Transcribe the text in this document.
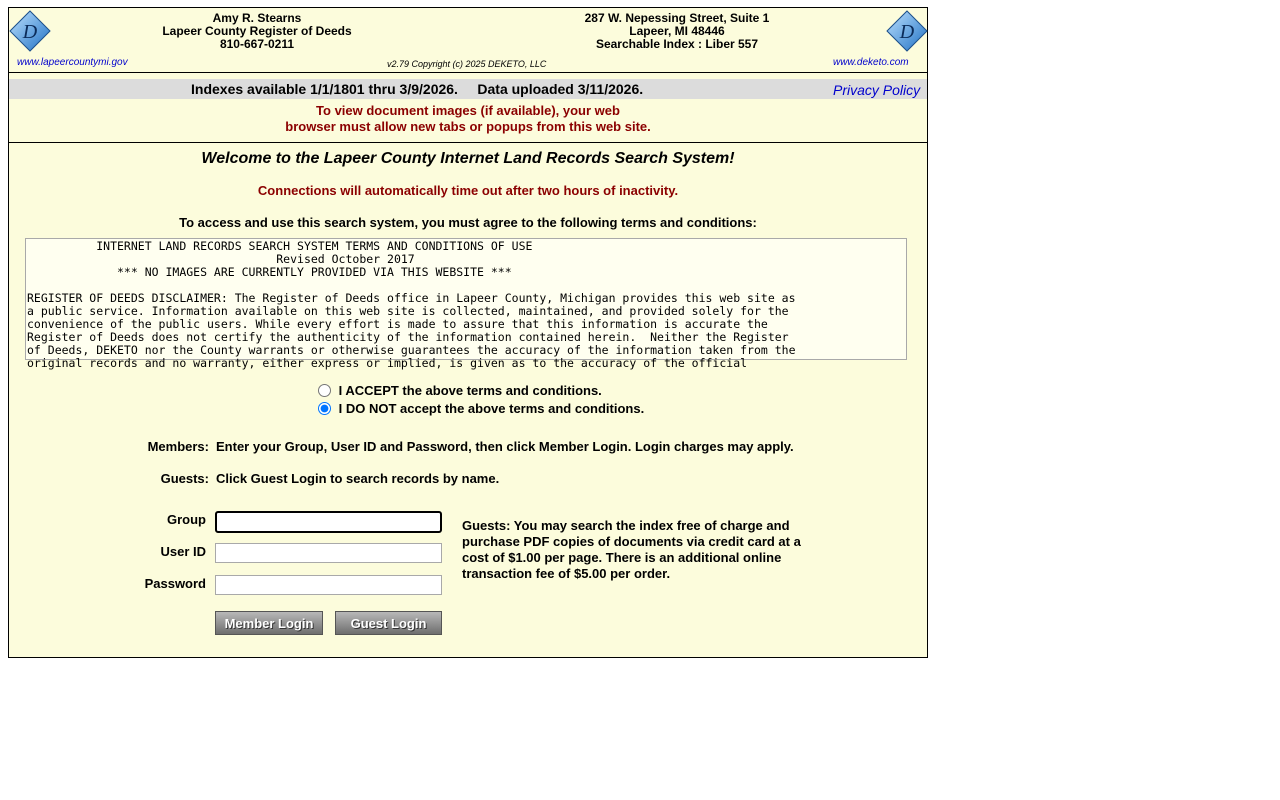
D
Amy R. Stearns
Lapeer County Register of Deeds
810-667-0211
287 W. Nepessing Street, Suite 1
Lapeer, MI 48446
Searchable Index : Liber 557
D
www.lapeercountymi.gov	v2.79 Copyright (c) 2025 DEKETO, LLC	www.deketo.com
Indexes available 1/1/1801 thru 3/9/2026.     Data uploaded 3/11/2026.	Privacy Policy
To view document images (if available), your web
browser must allow new tabs or popups from this web site.
Welcome to the Lapeer County Internet Land Records Search System!
Connections will automatically time out after two hours of inactivity.
To access and use this search system, you must agree to the following terms and conditions:
INTERNET LAND RECORDS SEARCH SYSTEM TERMS AND CONDITIONS OF USE
Revised October 2017
*** NO IMAGES ARE CURRENTLY PROVIDED VIA THIS WEBSITE ***

REGISTER OF DEEDS DISCLAIMER: The Register of Deeds office in Lapeer County, Michigan provides this web site as
a public service. Information available on this web site is collected, maintained, and provided solely for the
convenience of the public users. While every effort is made to assure that this information is accurate the
Register of Deeds does not certify the authenticity of the information contained herein.  Neither the Register
of Deeds, DEKETO nor the County warrants or otherwise guarantees the accuracy of the information taken from the
original records and no warranty, either express or implied, is given as to the accuracy of the official
I ACCEPT the above terms and conditions.
I DO NOT accept the above terms and conditions.
Members: Enter your Group, User ID and Password, then click Member Login. Login charges may apply.
Guests: Click Guest Login to search records by name.
Group
User ID
Password
Guests: You may search the index free of charge and purchase PDF copies of documents via credit card at a cost of $1.00 per page. There is an additional online transaction fee of $5.00 per order.
Member Login	Guest Login
